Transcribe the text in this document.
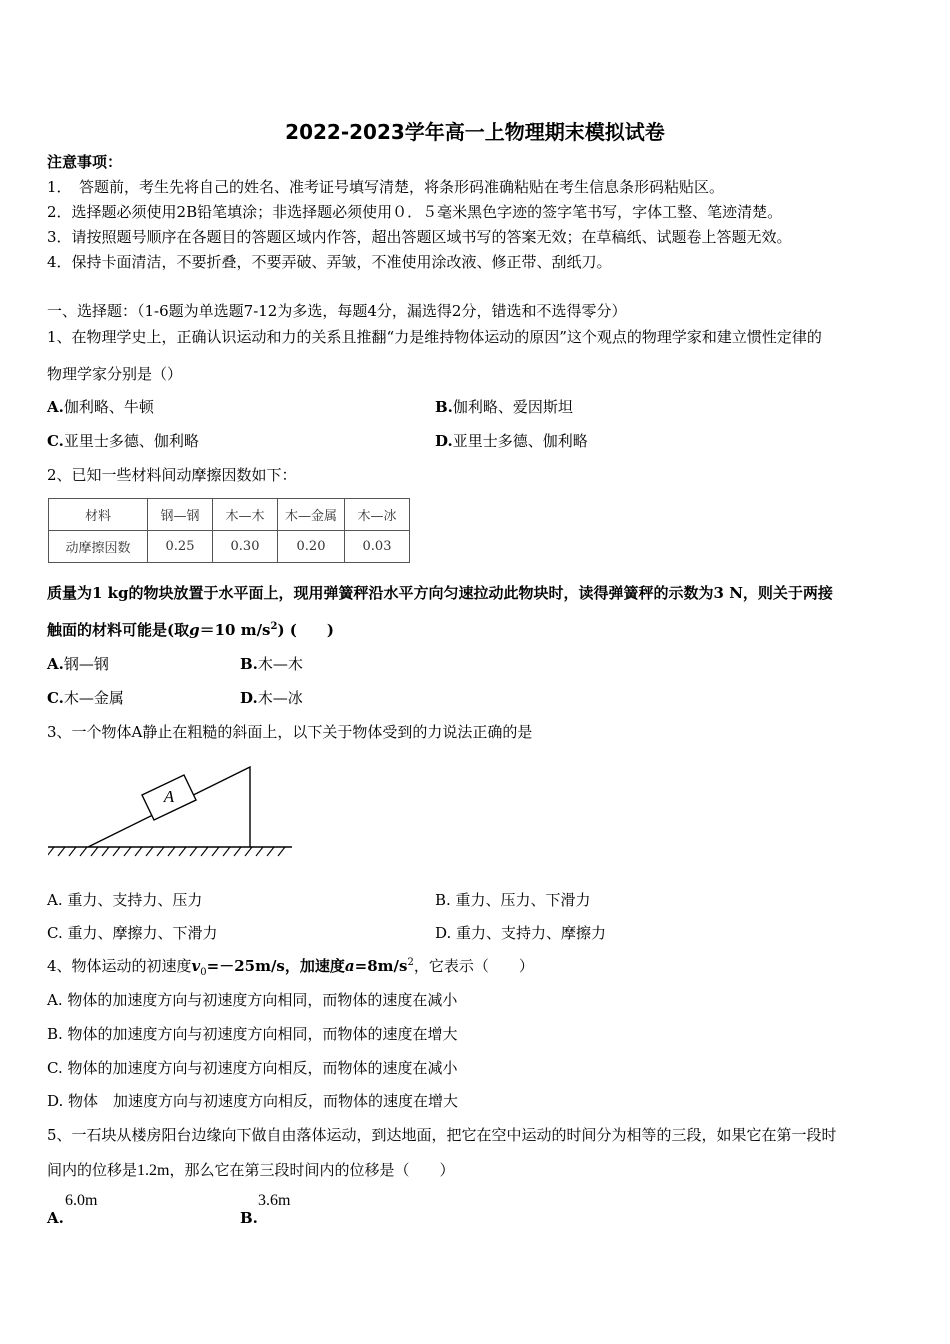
2022-2023学年高一上物理期末模拟试卷
注意事项：
1．　答题前，考生先将自己的姓名、准考证号填写清楚，将条形码准确粘贴在考生信息条形码粘贴区。
2．选择题必须使用2B铅笔填涂；非选择题必须使用０．５毫米黑色字迹的签字笔书写，字体工整、笔迹清楚。
3．请按照题号顺序在各题目的答题区域内作答，超出答题区域书写的答案无效；在草稿纸、试题卷上答题无效。
4．保持卡面清洁，不要折叠，不要弄破、弄皱，不准使用涂改液、修正带、刮纸刀。
一、选择题：（1-6题为单选题7-12为多选，每题4分，漏选得2分，错选和不选得零分）
1、在物理学史上，正确认识运动和力的关系且推翻“力是维持物体运动的原因”这个观点的物理学家和建立惯性定律的
物理学家分别是（）
A.伽利略、牛顿	B.伽利略、爱因斯坦
C.亚里士多德、伽利略	D.亚里士多德、伽利略
2、已知一些材料间动摩擦因数如下：
材料	钢—钢	木—木	木—金属	木—冰
动摩擦因数	0.25	0.30	0.20	0.03
质量为1 kg的物块放置于水平面上，现用弹簧秤沿水平方向匀速拉动此物块时，读得弹簧秤的示数为3 N，则关于两接
触面的材料可能是(取g＝10 $m/s^2$) (　　)
A.钢—钢	B.木—木
C.木—金属	D.木—冰
3、一个物体A静止在粗糙的斜面上，以下关于物体受到的力说法正确的是
A
A. 重力、支持力、压力	B. 重力、压力、下滑力
C. 重力、摩擦力、下滑力	D. 重力、支持力、摩擦力
4、物体运动的初速度$v_0=-25m/s$，加速度$a=8m/s^2$，它表示（　　）
A. 物体的加速度方向与初速度方向相同，而物体的速度在减小
B. 物体的加速度方向与初速度方向相同，而物体的速度在增大
C. 物体的加速度方向与初速度方向相反，而物体的速度在减小
D. 物体　加速度方向与初速度方向相反，而物体的速度在增大
5、一石块从楼房阳台边缘向下做自由落体运动，到达地面，把它在空中运动的时间分为相等的三段，如果它在第一段时
间内的位移是1.2m，那么它在第三段时间内的位移是（　　）
A.
6.0m
B.
3.6m
